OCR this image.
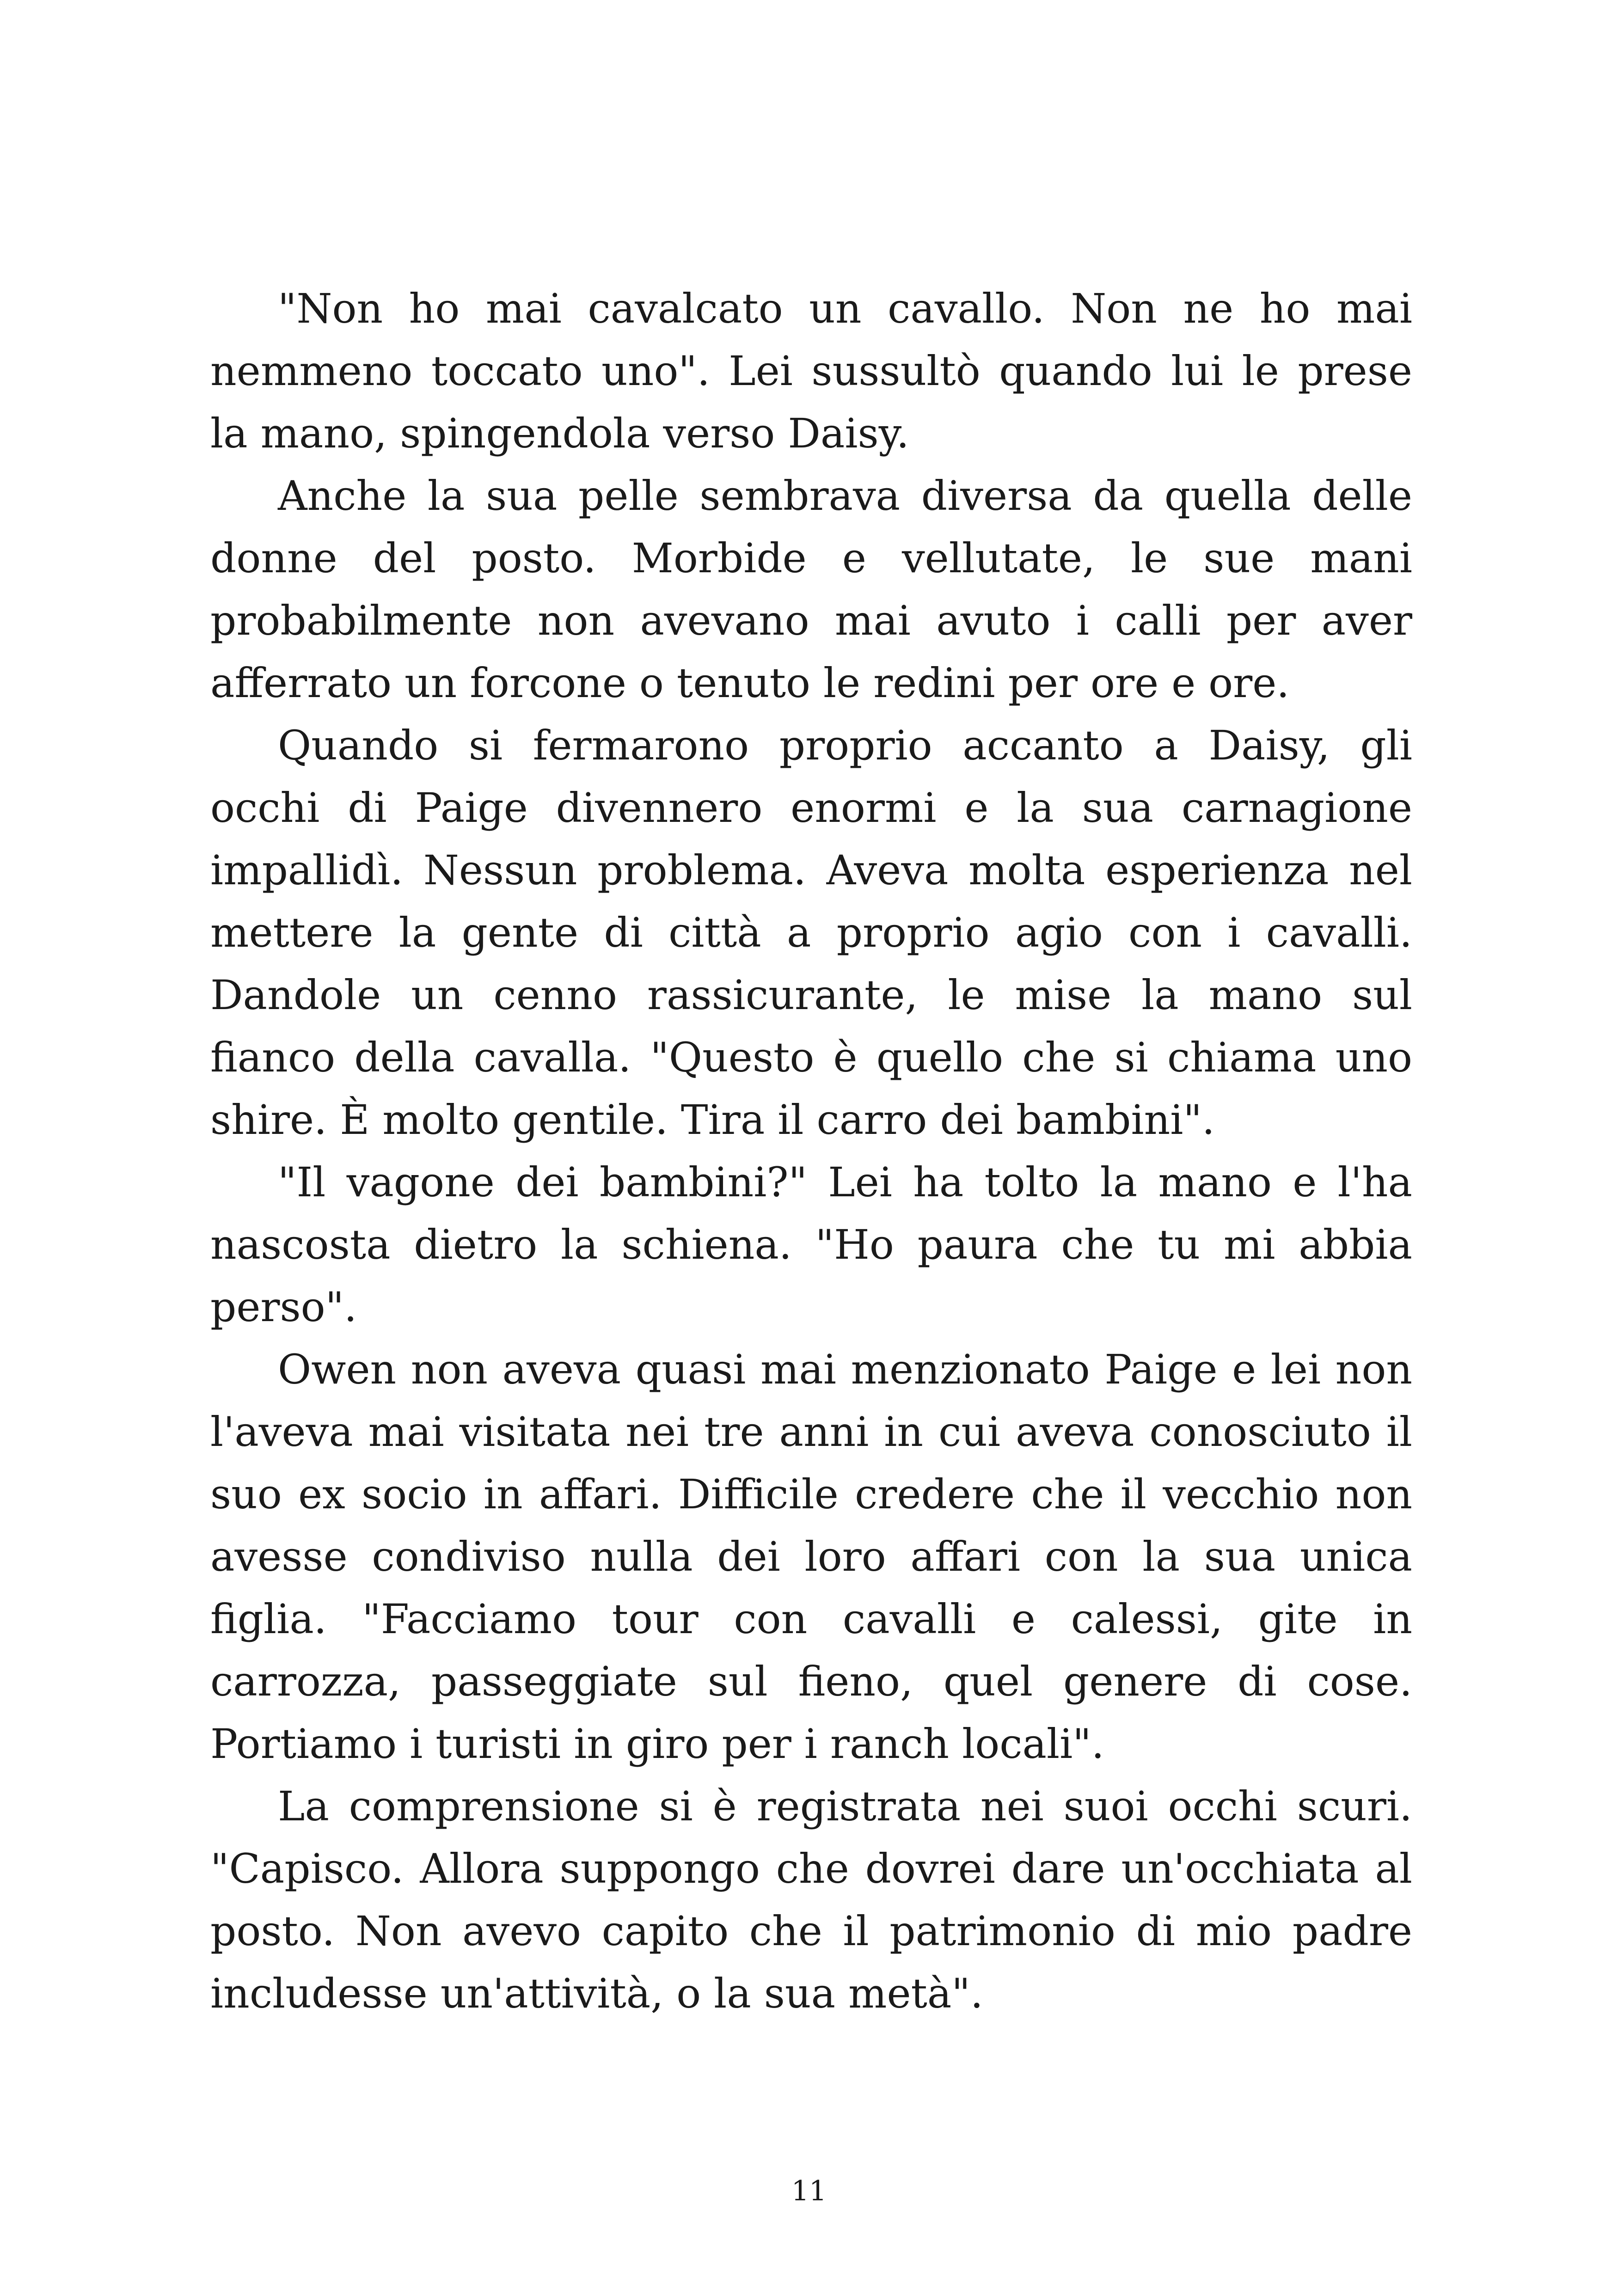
"Non ho mai cavalcato un cavallo. Non ne ho mai nemmeno toccato uno". Lei sussultò quando lui le prese la mano, spingendola verso Daisy.

Anche la sua pelle sembrava diversa da quella delle donne del posto. Morbide e vellutate, le sue mani probabilmente non avevano mai avuto i calli per aver afferrato un forcone o tenuto le redini per ore e ore.

Quando si fermarono proprio accanto a Daisy, gli occhi di Paige divennero enormi e la sua carnagione impallidì. Nessun problema. Aveva molta esperienza nel mettere la gente di città a proprio agio con i cavalli. Dandole un cenno rassicurante, le mise la mano sul fianco della cavalla. "Questo è quello che si chiama uno shire. È molto gentile. Tira il carro dei bambini".

"Il vagone dei bambini?" Lei ha tolto la mano e l'ha nascosta dietro la schiena. "Ho paura che tu mi abbia perso".

Owen non aveva quasi mai menzionato Paige e lei non l'aveva mai visitata nei tre anni in cui aveva conosciuto il suo ex socio in affari. Difficile credere che il vecchio non avesse condiviso nulla dei loro affari con la sua unica figlia. "Facciamo tour con cavalli e calessi, gite in carrozza, passeggiate sul fieno, quel genere di cose. Portiamo i turisti in giro per i ranch locali".

La comprensione si è registrata nei suoi occhi scuri. "Capisco. Allora suppongo che dovrei dare un'occhiata al posto. Non avevo capito che il patrimonio di mio padre includesse un'attività, o la sua metà".

11
